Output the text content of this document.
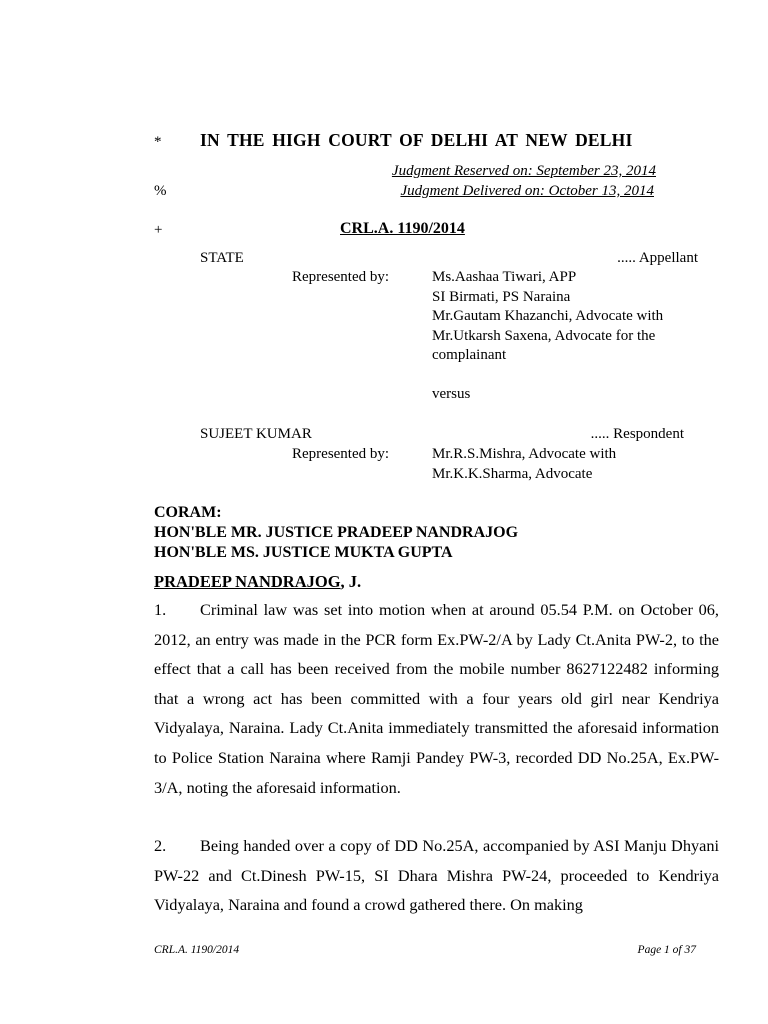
* IN THE HIGH COURT OF DELHI AT NEW DELHI
Judgment Reserved on: September 23, 2014
%	Judgment Delivered on: October 13, 2014
+	CRL.A. 1190/2014
STATE	..... Appellant
Represented by:	Ms.Aashaa Tiwari, APP
SI Birmati, PS Naraina
Mr.Gautam Khazanchi, Advocate with
Mr.Utkarsh Saxena, Advocate for the
complainant
versus
SUJEET KUMAR	..... Respondent
Represented by:	Mr.R.S.Mishra, Advocate with
Mr.K.K.Sharma, Advocate
CORAM:
HON'BLE MR. JUSTICE PRADEEP NANDRAJOG
HON'BLE MS. JUSTICE MUKTA GUPTA
PRADEEP NANDRAJOG, J.

1. Criminal law was set into motion when at around 05.54 P.M. on October 06, 2012, an entry was made in the PCR form Ex.PW-2/A by Lady Ct.Anita PW-2, to the effect that a call has been received from the mobile number 8627122482 informing that a wrong act has been committed with a four years old girl near Kendriya Vidyalaya, Naraina. Lady Ct.Anita immediately transmitted the aforesaid information to Police Station Naraina where Ramji Pandey PW-3, recorded DD No.25A, Ex.PW-3/A, noting the aforesaid information.

2. Being handed over a copy of DD No.25A, accompanied by ASI Manju Dhyani PW-22 and Ct.Dinesh PW-15, SI Dhara Mishra PW-24, proceeded to Kendriya Vidyalaya, Naraina and found a crowd gathered there. On making

CRL.A. 1190/2014	Page 1 of 37
